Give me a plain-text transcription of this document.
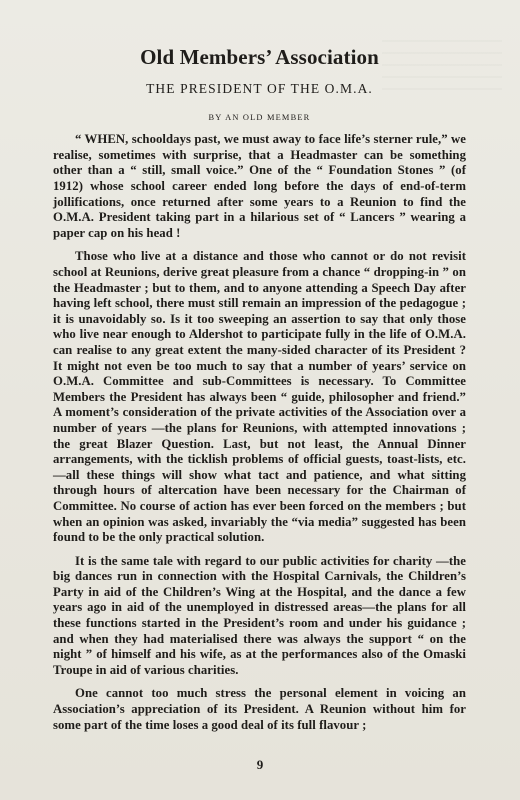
Old Members’ Association
THE PRESIDENT OF THE O.M.A.
BY AN OLD MEMBER

“ WHEN, schooldays past, we must away to face life’s sterner rule,” we realise, sometimes with surprise, that a Headmaster can be something other than a “ still, small voice.” One of the “ Foundation Stones ” (of 1912) whose school career ended long before the days of end-of-term jollifications, once returned after some years to a Reunion to find the O.M.A. President taking part in a hilarious set of “ Lancers ” wearing a paper cap on his head !

Those who live at a distance and those who cannot or do not revisit school at Reunions, derive great pleasure from a chance “ dropping-in ” on the Headmaster ; but to them, and to anyone attending a Speech Day after having left school, there must still remain an impression of the pedagogue ; it is unavoidably so. Is it too sweeping an assertion to say that only those who live near enough to Aldershot to participate fully in the life of O.M.A. can realise to any great extent the many-sided character of its President ? It might not even be too much to say that a number of years’ service on O.M.A. Committee and sub-Committees is necessary. To Committee Members the President has always been “ guide, philosopher and friend.” A moment’s consideration of the private activities of the Association over a number of years —the plans for Reunions, with attempted innovations ; the great Blazer Question. Last, but not least, the Annual Dinner arrangements, with the ticklish problems of official guests, toast-lists, etc. —all these things will show what tact and patience, and what sitting through hours of altercation have been necessary for the Chairman of Committee. No course of action has ever been forced on the members ; but when an opinion was asked, invariably the “via media” suggested has been found to be the only practical solution.

It is the same tale with regard to our public activities for charity —the big dances run in connection with the Hospital Carnivals, the Children’s Party in aid of the Children’s Wing at the Hospital, and the dance a few years ago in aid of the unemployed in distressed areas—the plans for all these functions started in the President’s room and under his guidance ; and when they had materialised there was always the support “ on the night ” of himself and his wife, as at the performances also of the Omaski Troupe in aid of various charities.

One cannot too much stress the personal element in voicing an Association’s appreciation of its President. A Reunion without him for some part of the time loses a good deal of its full flavour ;

9
